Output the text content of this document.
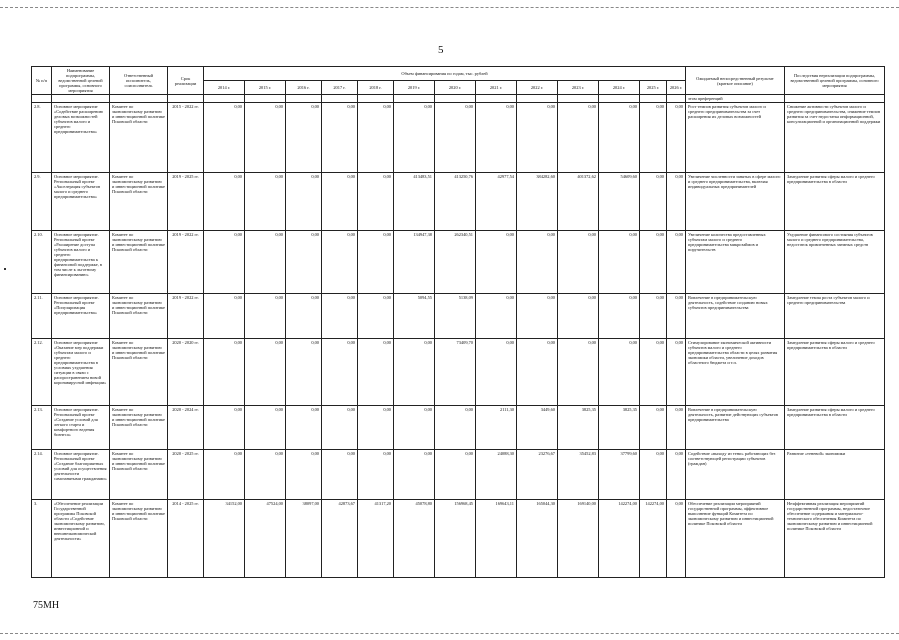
5
№ п/п	Наименование подпрограммы, ведомственной целевой программы, основного мероприятия	Ответственный исполнитель, соисполнитель	Срок реализации	Объем финансирования по годам, тыс. рублей													Ожидаемый непосредственный результат (краткое описание)	Последствия нереализации подпрограммы, ведомственной целевой программы, основного мероприятия
				2014 г.	2015 г.	2016 г.	2017 г.	2018 г.	2019 г.	2020 г.	2021 г.	2022 г.	2023 г.	2024 г.	2025 г.	2026 г.		
																	этом преференций	
2.8.	Основное мероприятие «Содействие расширению деловых возможностей субъектов малого и среднего предпринимательства»	Комитет по экономическому развитию и инвестиционной политике Псковской области	2015 - 2022 гг.	0,00	0,00	0,00	0,00	0,00	0,00	0,00	0,00	0,00	0,00	0,00	0,00	0,00	Рост темпов развития субъектов малого и среднего предпринимательства за счет расширения их деловых возможностей	Снижение активности субъектов малого и среднего предпринимательства, снижение темпов развития за счет недостатка информационной, консультационной и организационной поддержки
2.9.	Основное мероприятие. Региональный проект «Акселерация субъектов малого и среднего предпринимательства»	Комитет по экономическому развитию и инвестиционной политике Псковской области	2019 - 2025 гг.	0,00	0,00	0,00	0,00	0,00	413483,51	413250,76	42977,54	384282,60	401372,62	54609,60	0,00	0,00	Увеличение численности занятых в сфере малого и среднего предпринимательства, включая индивидуальных предпринимателей	Замедление развития сферы малого и среднего предпринимательства в области
2.10.	Основное мероприятие. Региональный проект «Расширение доступа субъектов малого и среднего предпринимательства к финансовой поддержке, в том числе к льготному финансированию»	Комитет по экономическому развитию и инвестиционной политике Псковской области	2019 - 2022 гг.	0,00	0,00	0,00	0,00	0,00	134947,38	262340,51	0,00	0,00	0,00	0,00	0,00	0,00	Увеличение количества предоставленных субъектам малого и среднего предпринимательства микрозаймов и поручительств	Ухудшение финансового состояния субъектов малого и среднего предпринимательства, недостаток привлеченных заемных средств
2.11.	Основное мероприятие. Региональный проект «Популяризация предпринимательства»	Комитет по экономическому развитию и инвестиционной политике Псковской области	2019 - 2022 гг.	0,00	0,00	0,00	0,00	0,00	5094,55	5138,09	0,00	0,00	0,00	0,00	0,00	0,00	Вовлечение в предпринимательскую деятельность, содействие созданию новых субъектов предпринимательства	Замедление темпа роста субъектов малого и среднего предпринимательства
2.12.	Основное мероприятие «Оказание мер поддержки субъектам малого и среднего предпринимательства в условиях ухудшения ситуации в связи с распространением новой коронавирусной инфекции»	Комитет по экономическому развитию и инвестиционной политике Псковской области	2020 - 2020 гг.	0,00	0,00	0,00	0,00	0,00	0,00	73409,70	0,00	0,00	0,00	0,00	0,00	0,00	Стимулирование экономической активности субъектов малого и среднего предпринимательства области в целях развития экономики области, увеличение доходов областного бюджета и т.п.	Замедление развития сферы малого и среднего предпринимательства в области
2.13.	Основное мероприятие. Региональный проект «Создание условий для легкого старта и комфортного ведения бизнеса»	Комитет по экономическому развитию и инвестиционной политике Псковской области	2020 - 2024 гг.	0,00	0,00	0,00	0,00	0,00	0,00	0,00	2111,30	3449,60	3825,35	3825,35	0,00	0,00	Вовлечение в предпринимательскую деятельность, развитие действующих субъектов предпринимательства	Замедление развития сферы малого и среднего предпринимательства в области
2.14.	Основное мероприятие. Региональный проект «Создание благоприятных условий для осуществления деятельности самозанятыми гражданами»	Комитет по экономическому развитию и инвестиционной политике Псковской области	2020 - 2025 гг.	0,00	0,00	0,00	0,00	0,00	0,00	0,00	24088,30	23276,67	35452,83	37799,60	0,00	0,00	Содействие «выходу из тени» работающих без соответствующей регистрации субъектов (граждан)	Развитие «теневой» экономики
3.	«Обеспечение реализации Государственной программы Псковской области «Содействие экономическому развитию, инвестиционной и внешнеэкономической деятельности»	Комитет по экономическому развитию и инвестиционной политике Псковской области	2014 - 2025 гг.	34152,00	47524,00	38097,00	42873,67	41317,20	45078,80	156968,45	169643,11	165044,30	169140,00	142274,00	142274,00	0,00	Обеспечение реализации мероприятий государственной программы, эффективное выполнение функций Комитета по экономическому развитию и инвестиционной политике Псковской области	Неэффективная реализация мероприятий государственной программы, недостаточное обеспечение содержания и материально-технического обеспечения Комитета по экономическому развитию и инвестиционной политике Псковской области
75МН
